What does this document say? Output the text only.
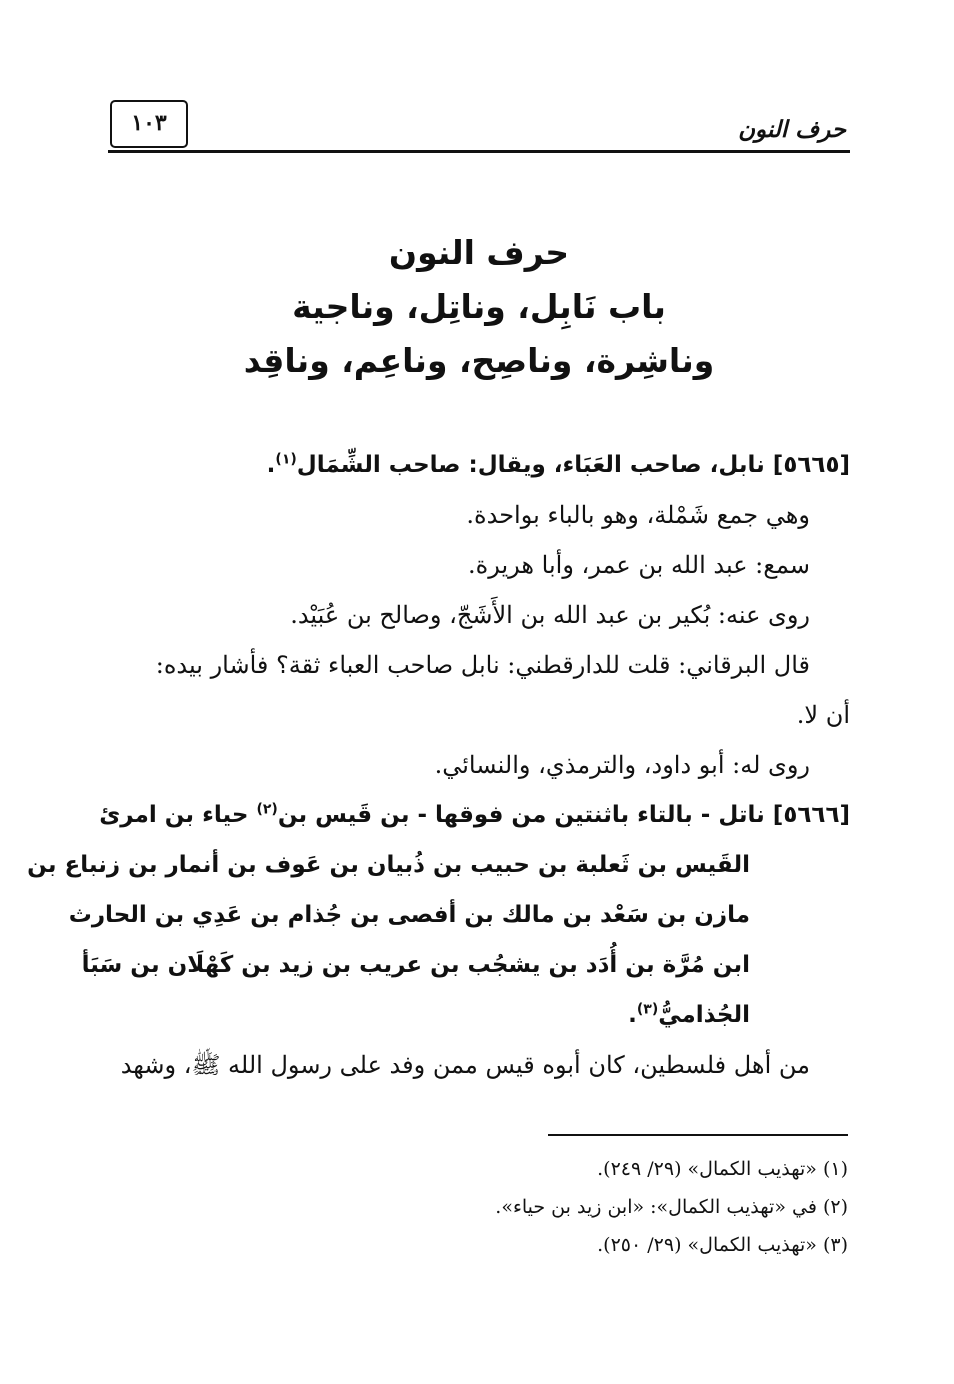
حرف النون
١٠٣
حرف النون
باب نَابِل، وناتِل، وناجية
وناشِرة، وناصِح، وناعِم، وناقِد
[٥٦٦٥] نابل، صاحب العَبَاء، ويقال: صاحب الشِّمَال$^{(١)}$.
وهي جمع شَمْلة، وهو بالباء بواحدة.
سمع: عبد الله بن عمر، وأبا هريرة.
روى عنه: بُكير بن عبد الله بن الأَشَجّ، وصالح بن عُبَيْد.
قال البرقاني: قلت للدارقطني: نابل صاحب العباء ثقة؟ فأشار بيده:
أن لا.
روى له: أبو داود، والترمذي، والنسائي.
[٥٦٦٦] ناتل - بالتاء باثنتين من فوقها - بن قَيس بن$^{(٢)}$ حياء بن امرئ
القَيس بن ثَعلبة بن حبيب بن ذُبيان بن عَوف بن أنمار بن زنباع بن
مازن بن سَعْد بن مالك بن أفصى بن جُذام بن عَدِي بن الحارث
ابن مُرَّة بن أُدَد بن يشجُب بن عريب بن زيد بن كَهْلَان بن سَبَأ
الجُذاميُّ$^{(٣)}$.
من أهل فلسطين، كان أبوه قيس ممن وفد على رسول الله ﷺ، وشهد
(١) «تهذيب الكمال» (٢٩/ ٢٤٩).
(٢) في «تهذيب الكمال»: «ابن زيد بن حياء».
(٣) «تهذيب الكمال» (٢٩/ ٢٥٠).
